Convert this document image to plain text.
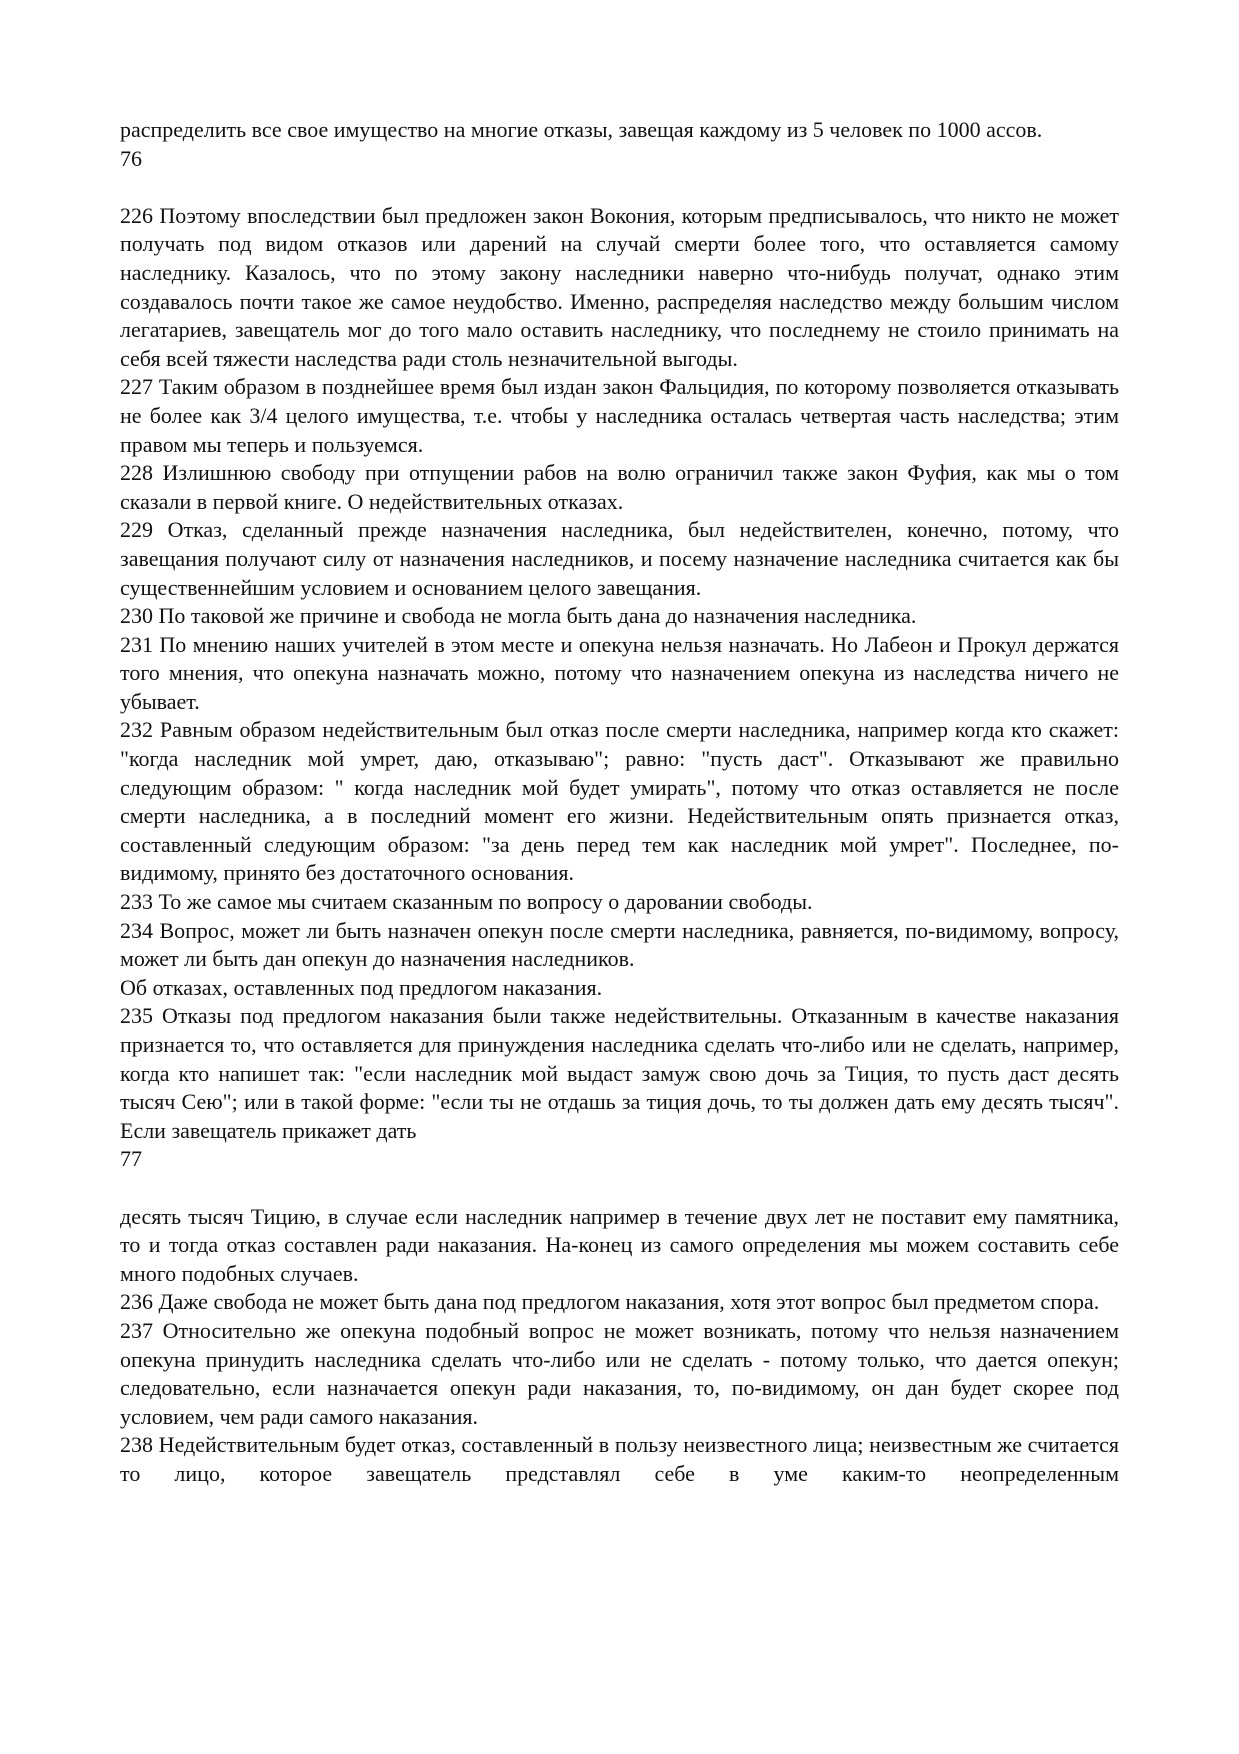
распределить все свое имущество на многие отказы, завещая каждому из 5 человек по 1000 ассов.

76

226 Поэтому впоследствии был предложен закон Вокония, которым предписывалось, что никто не может получать под видом отказов или дарений на случай смерти более того, что оставляется самому наследнику. Казалось, что по этому закону наследники наверно что-нибудь получат, однако этим создавалось почти такое же самое неудобство. Именно, распределяя наследство между большим числом легатариев, завещатель мог до того мало оставить наследнику, что последнему не стоило принимать на себя всей тяжести наследства ради столь незначительной выгоды.

227 Таким образом в позднейшее время был издан закон Фальцидия, по которому позволяется отказывать не более как 3/4 целого имущества, т.е. чтобы у наследника осталась четвертая часть наследства; этим правом мы теперь и пользуемся.

228 Излишнюю свободу при отпущении рабов на волю ограничил также закон Фуфия, как мы о том сказали в первой книге. О недействительных отказах.

229 Отказ, сделанный прежде назначения наследника, был недействителен, конечно, потому, что завещания получают силу от назначения наследников, и посему назначение наследника считается как бы существеннейшим условием и основанием целого завещания.

230 По таковой же причине и свобода не могла быть дана до назначения наследника.

231 По мнению наших учителей в этом месте и опекуна нельзя назначать. Но Лабеон и Прокул держатся того мнения, что опекуна назначать можно, потому что назначением опекуна из наследства ничего не убывает.

232 Равным образом недействительным был отказ после смерти наследника, например когда кто скажет: "когда наследник мой умрет, даю, отказываю"; равно: "пусть даст". Отказывают же правильно следующим образом: " когда наследник мой будет умирать", потому что отказ оставляется не после смерти наследника, а в последний момент его жизни. Недействительным опять признается отказ, составленный следующим образом: "за день перед тем как наследник мой умрет". Последнее, по-видимому, принято без достаточного основания.

233 То же самое мы считаем сказанным по вопросу о даровании свободы.

234 Вопрос, может ли быть назначен опекун после смерти наследника, равняется, по-видимому, вопросу, может ли быть дан опекун до назначения наследников.

Об отказах, оставленных под предлогом наказания.

235 Отказы под предлогом наказания были также недействительны. Отказанным в качестве наказания признается то, что оставляется для принуждения наследника сделать что-либо или не сделать, например, когда кто напишет так: "если наследник мой выдаст замуж свою дочь за Тиция, то пусть даст десять тысяч Сею"; или в такой форме: "если ты не отдашь за тиция дочь, то ты должен дать ему десять тысяч". Если завещатель прикажет дать

77

десять тысяч Тицию, в случае если наследник например в течение двух лет не поставит ему памятника, то и тогда отказ составлен ради наказания. На-конец из самого определения мы можем составить себе много подобных случаев.

236 Даже свобода не может быть дана под предлогом наказания, хотя этот вопрос был предметом спора.

237 Относительно же опекуна подобный вопрос не может возникать, потому что нельзя назначением опекуна принудить наследника сделать что-либо или не сделать - потому только, что дается опекун; следовательно, если назначается опекун ради наказания, то, по-видимому, он дан будет скорее под условием, чем ради самого наказания.

238 Недействительным будет отказ, составленный в пользу неизвестного лица; неизвестным же считается то лицо, которое завещатель представлял себе в уме каким-то неопределенным
